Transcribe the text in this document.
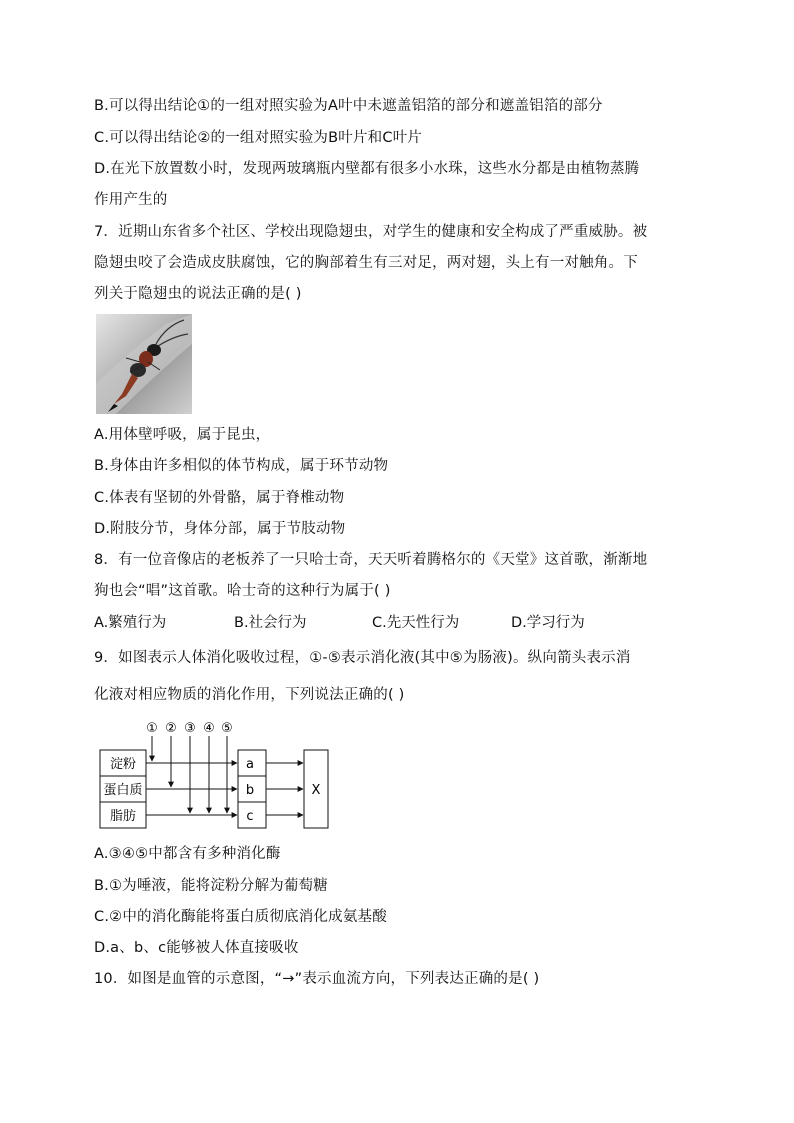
B.可以得出结论①的一组对照实验为A叶中未遮盖铝箔的部分和遮盖铝箔的部分
C.可以得出结论②的一组对照实验为B叶片和C叶片
D.在光下放置数小时，发现两玻璃瓶内壁都有很多小水珠，这些水分都是由植物蒸腾
作用产生的
7．近期山东省多个社区、学校出现隐翅虫，对学生的健康和安全构成了严重威胁。被
隐翅虫咬了会造成皮肤腐蚀，它的胸部着生有三对足，两对翅，头上有一对触角。下
列关于隐翅虫的说法正确的是( )
A.用体壁呼吸，属于昆虫，
B.身体由许多相似的体节构成，属于环节动物
C.体表有坚韧的外骨骼，属于脊椎动物
D.附肢分节，身体分部，属于节肢动物
8．有一位音像店的老板养了一只哈士奇，天天听着腾格尔的《天堂》这首歌，渐渐地
狗也会“唱”这首歌。哈士奇的这种行为属于( )
A.繁殖行为	B.社会行为	C.先天性行为	D.学习行为
9．如图表示人体消化吸收过程，①-⑤表示消化液(其中⑤为肠液)。纵向箭头表示消
化液对相应物质的消化作用，下列说法正确的( )
① ② ③ ④ ⑤
淀粉
蛋白质
脂肪
a
b
c
X
A.③④⑤中都含有多种消化酶
B.①为唾液，能将淀粉分解为葡萄糖
C.②中的消化酶能将蛋白质彻底消化成氨基酸
D.a、b、c能够被人体直接吸收
10．如图是血管的示意图，“→”表示血流方向，下列表达正确的是( )
